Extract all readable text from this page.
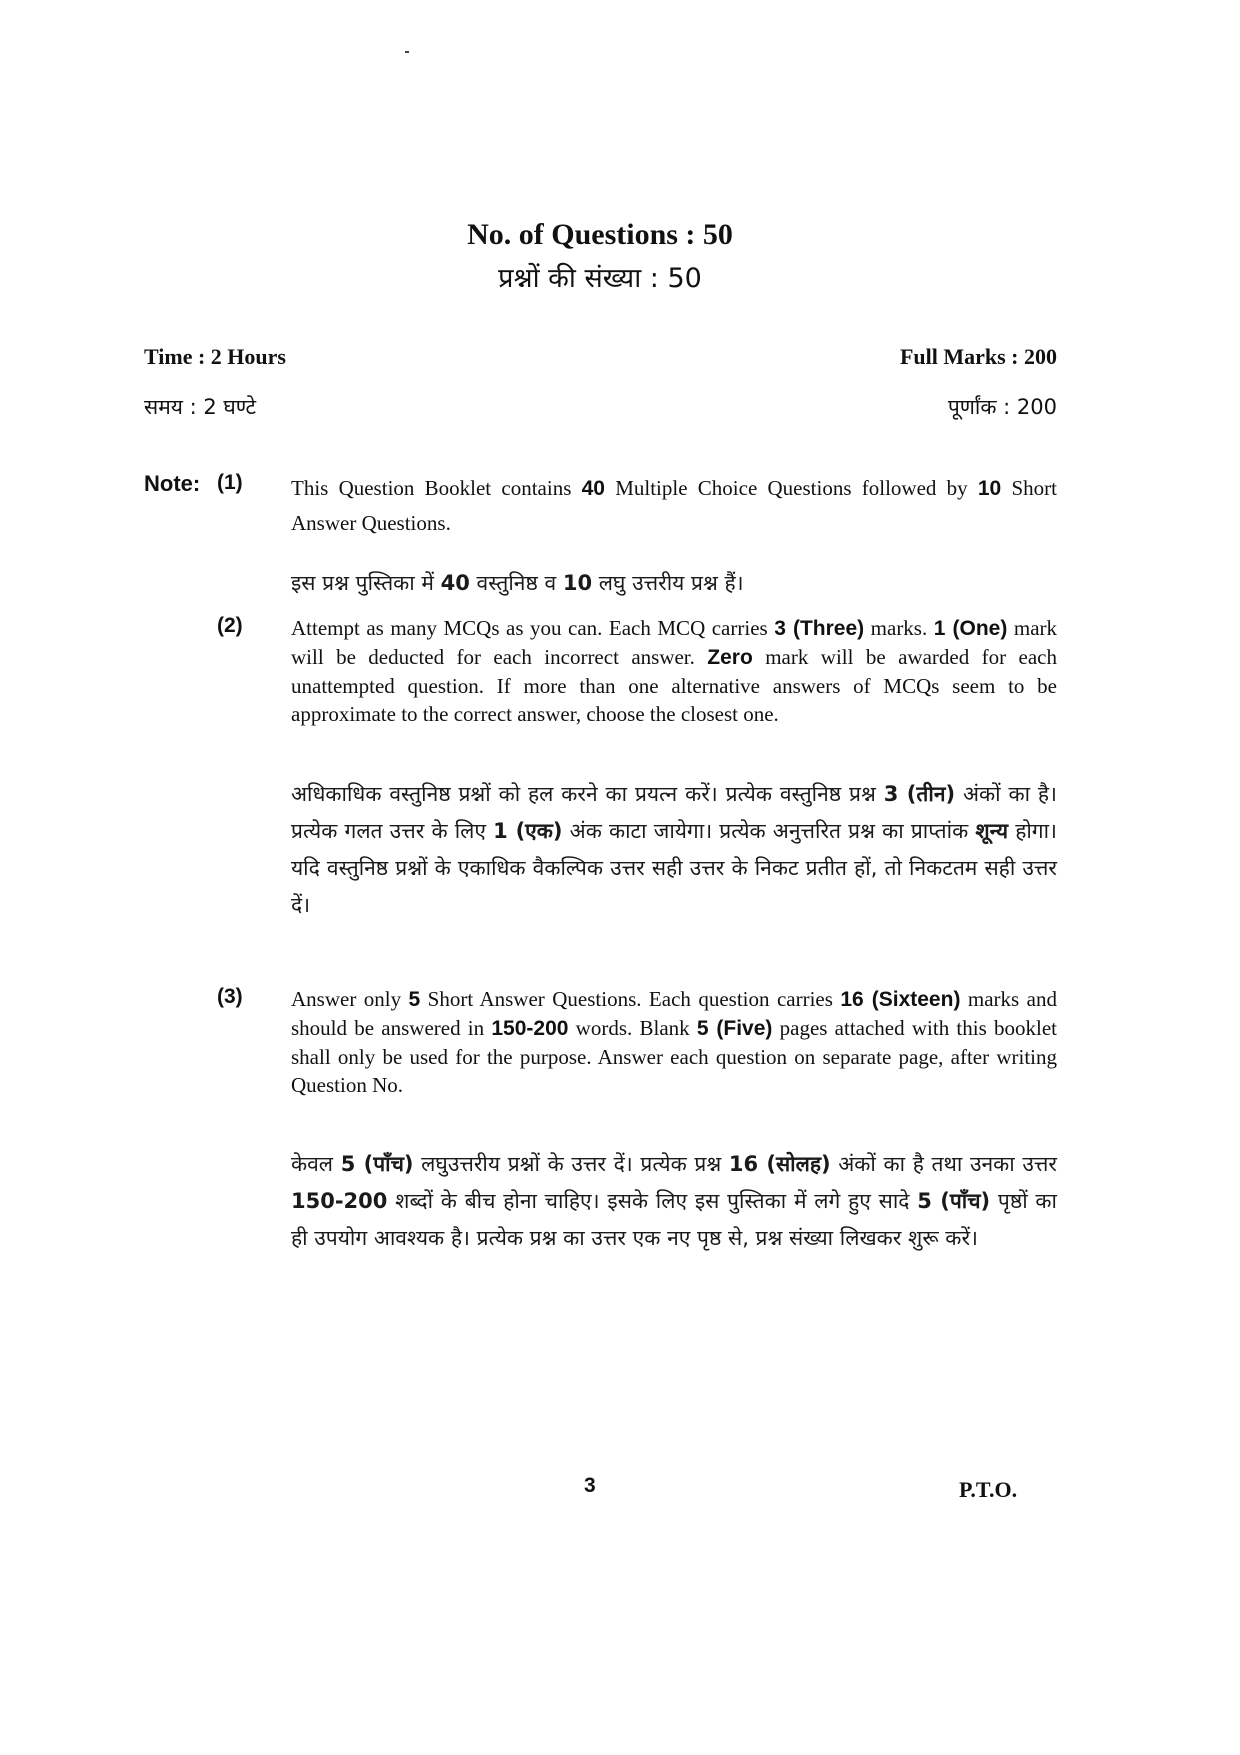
No. of Questions : 50
प्रश्नों की संख्या : 50
Time : 2 Hours	Full Marks : 200
समय : 2 घण्टे	पूर्णांक : 200
Note: (1) This Question Booklet contains 40 Multiple Choice Questions followed by 10 Short Answer Questions.
इस प्रश्न पुस्तिका में 40 वस्तुनिष्ठ व 10 लघु उत्तरीय प्रश्न हैं।
(2) Attempt as many MCQs as you can. Each MCQ carries 3 (Three) marks. 1 (One) mark will be deducted for each incorrect answer. Zero mark will be awarded for each unattempted question. If more than one alternative answers of MCQs seem to be approximate to the correct answer, choose the closest one.
अधिकाधिक वस्तुनिष्ठ प्रश्नों को हल करने का प्रयत्न करें। प्रत्येक वस्तुनिष्ठ प्रश्न 3 (तीन) अंकों का है। प्रत्येक गलत उत्तर के लिए 1 (एक) अंक काटा जायेगा। प्रत्येक अनुत्तरित प्रश्न का प्राप्तांक शून्य होगा। यदि वस्तुनिष्ठ प्रश्नों के एकाधिक वैकल्पिक उत्तर सही उत्तर के निकट प्रतीत हों, तो निकटतम सही उत्तर दें।
(3) Answer only 5 Short Answer Questions. Each question carries 16 (Sixteen) marks and should be answered in 150-200 words. Blank 5 (Five) pages attached with this booklet shall only be used for the purpose. Answer each question on separate page, after writing Question No.
केवल 5 (पाँच) लघुउत्तरीय प्रश्नों के उत्तर दें। प्रत्येक प्रश्न 16 (सोलह) अंकों का है तथा उनका उत्तर 150-200 शब्दों के बीच होना चाहिए। इसके लिए इस पुस्तिका में लगे हुए सादे 5 (पाँच) पृष्ठों का ही उपयोग आवश्यक है। प्रत्येक प्रश्न का उत्तर एक नए पृष्ठ से, प्रश्न संख्या लिखकर शुरू करें।
3	P.T.O.
